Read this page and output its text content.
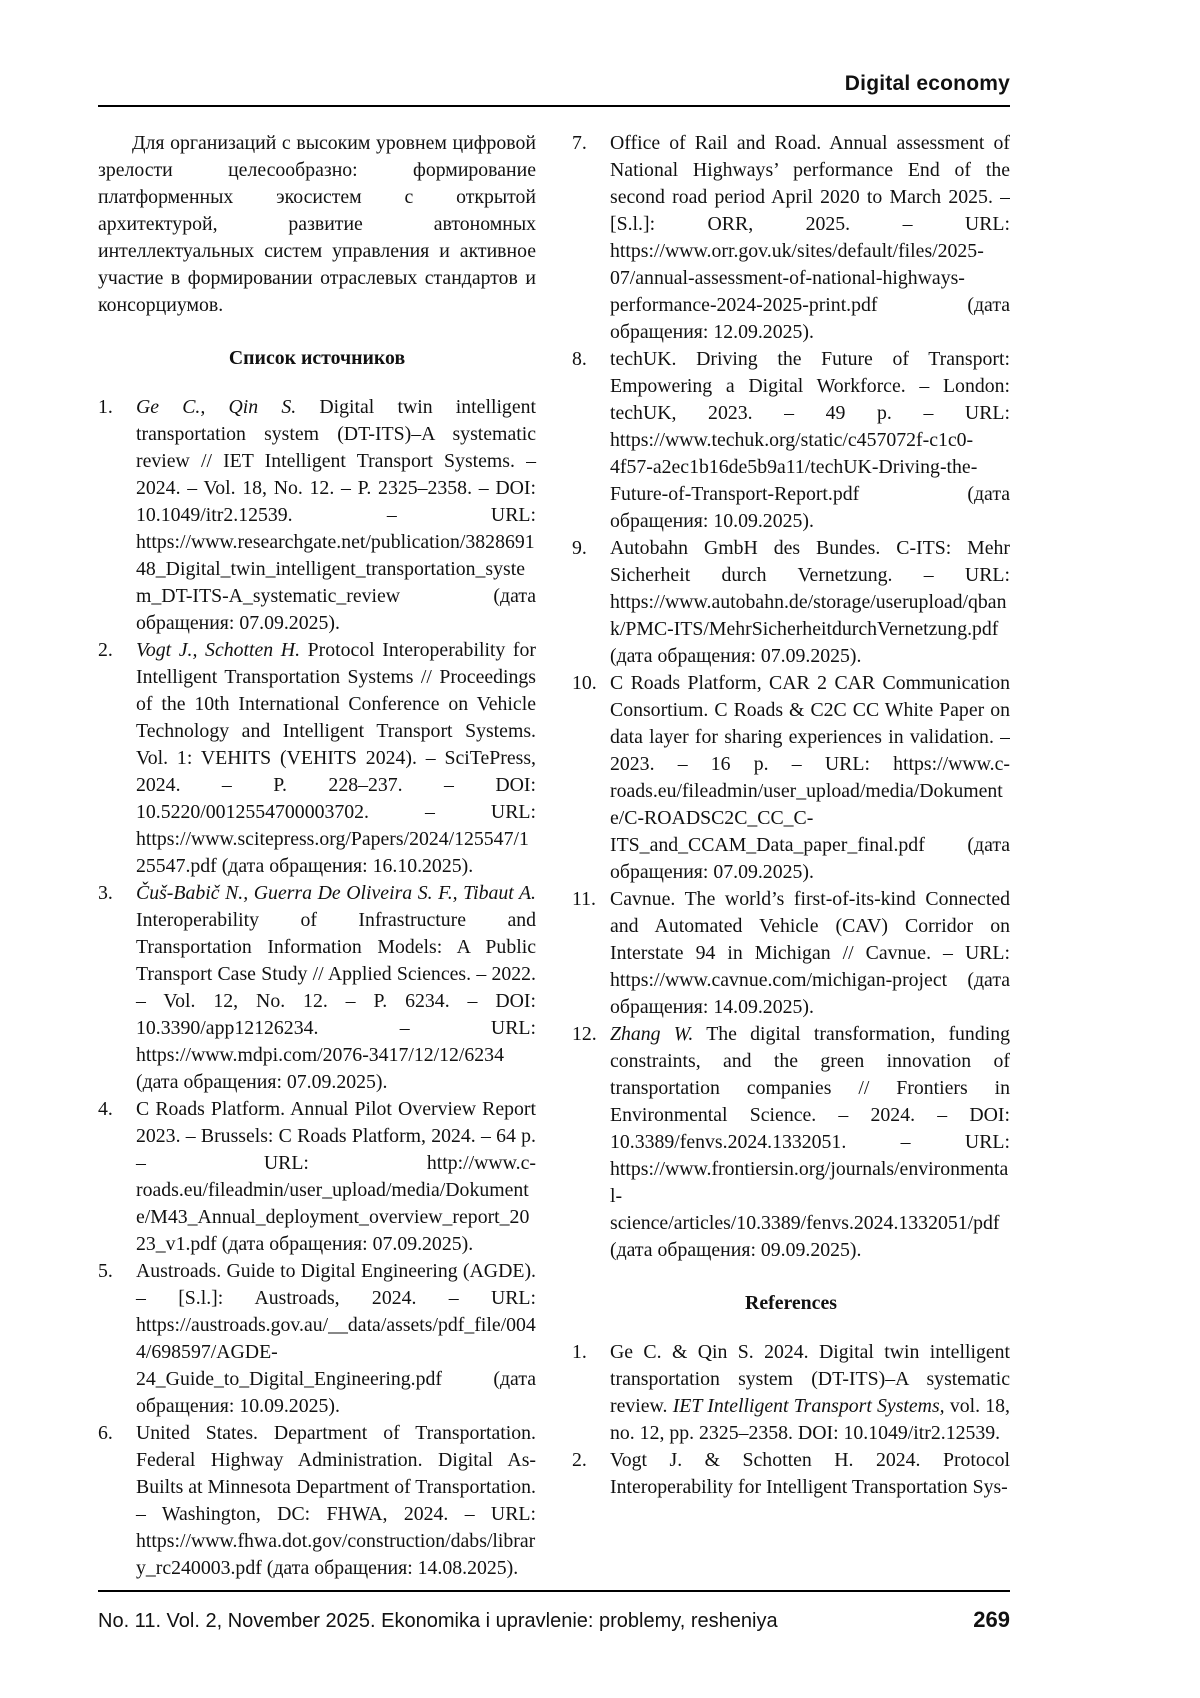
Digital economy

Для организаций с высоким уровнем цифровой зрелости целесообразно: формирование платформенных экосистем с открытой архитектурой, развитие автономных интеллектуальных систем управления и активное участие в формировании отраслевых стандартов и консорциумов.

Список источников

1. Ge C., Qin S. Digital twin intelligent transportation system (DT-ITS)–A systematic review // IET Intelligent Transport Systems. – 2024. – Vol. 18, No. 12. – P. 2325–2358. – DOI: 10.1049/itr2.12539. – URL: https://www.researchgate.net/publication/382869148_Digital_twin_intelligent_transportation_system_DT-ITS-A_systematic_review (дата обращения: 07.09.2025).
2. Vogt J., Schotten H. Protocol Interoperability for Intelligent Transportation Systems // Proceedings of the 10th International Conference on Vehicle Technology and Intelligent Transport Systems. Vol. 1: VEHITS (VEHITS 2024). – SciTePress, 2024. – P. 228–237. – DOI: 10.5220/0012554700003702. – URL: https://www.scitepress.org/Papers/2024/125547/125547.pdf (дата обращения: 16.10.2025).
3. Čuš-Babič N., Guerra De Oliveira S. F., Tibaut A. Interoperability of Infrastructure and Transportation Information Models: A Public Transport Case Study // Applied Sciences. – 2022. – Vol. 12, No. 12. – P. 6234. – DOI: 10.3390/app12126234. – URL: https://www.mdpi.com/2076-3417/12/12/6234 (дата обращения: 07.09.2025).
4. C Roads Platform. Annual Pilot Overview Report 2023. – Brussels: C Roads Platform, 2024. – 64 p. – URL: http://www.c-roads.eu/fileadmin/user_upload/media/Dokumente/M43_Annual_deployment_overview_report_2023_v1.pdf (дата обращения: 07.09.2025).
5. Austroads. Guide to Digital Engineering (AGDE). – [S.l.]: Austroads, 2024. – URL: https://austroads.gov.au/__data/assets/pdf_file/0044/698597/AGDE-24_Guide_to_Digital_Engineering.pdf (дата обращения: 10.09.2025).
6. United States. Department of Transportation. Federal Highway Administration. Digital As-Builts at Minnesota Department of Transportation. – Washington, DC: FHWA, 2024. – URL: https://www.fhwa.dot.gov/construction/dabs/library_rc240003.pdf (дата обращения: 14.08.2025).
7. Office of Rail and Road. Annual assessment of National Highways’ performance End of the second road period April 2020 to March 2025. – [S.l.]: ORR, 2025. – URL: https://www.orr.gov.uk/sites/default/files/2025-07/annual-assessment-of-national-highways-performance-2024-2025-print.pdf (дата обращения: 12.09.2025).
8. techUK. Driving the Future of Transport: Empowering a Digital Workforce. – London: techUK, 2023. – 49 p. – URL: https://www.techuk.org/static/c457072f-c1c0-4f57-a2ec1b16de5b9a11/techUK-Driving-the-Future-of-Transport-Report.pdf (дата обращения: 10.09.2025).
9. Autobahn GmbH des Bundes. C-ITS: Mehr Sicherheit durch Vernetzung. – URL: https://www.autobahn.de/storage/userupload/qbank/PMC-ITS/MehrSicherheitdurchVernetzung.pdf (дата обращения: 07.09.2025).
10. C Roads Platform, CAR 2 CAR Communication Consortium. C Roads & C2C CC White Paper on data layer for sharing experiences in validation. – 2023. – 16 p. – URL: https://www.c-roads.eu/fileadmin/user_upload/media/Dokumente/C-ROADSC2C_CC_C-ITS_and_CCAM_Data_paper_final.pdf (дата обращения: 07.09.2025).
11. Cavnue. The world’s first-of-its-kind Connected and Automated Vehicle (CAV) Corridor on Interstate 94 in Michigan // Cavnue. – URL: https://www.cavnue.com/michigan-project (дата обращения: 14.09.2025).
12. Zhang W. The digital transformation, funding constraints, and the green innovation of transportation companies // Frontiers in Environmental Science. – 2024. – DOI: 10.3389/fenvs.2024.1332051. – URL: https://www.frontiersin.org/journals/environmental-science/articles/10.3389/fenvs.2024.1332051/pdf (дата обращения: 09.09.2025).

References

1. Ge C. & Qin S. 2024. Digital twin intelligent transportation system (DT-ITS)–A systematic review. IET Intelligent Transport Systems, vol. 18, no. 12, pp. 2325–2358. DOI: 10.1049/itr2.12539.
2. Vogt J. & Schotten H. 2024. Protocol Interoperability for Intelligent Transportation Sys-
No. 11. Vol. 2, November 2025. Ekonomika i upravlenie: problemy, resheniya	269
